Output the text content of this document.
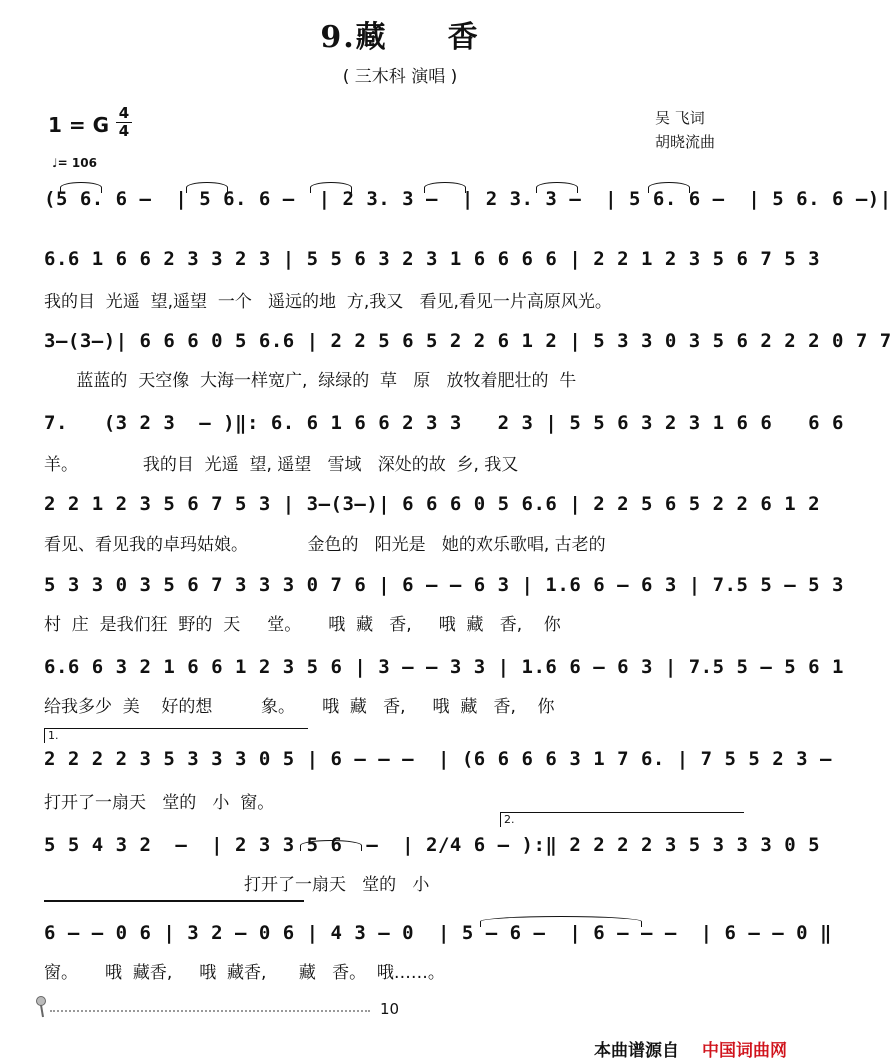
9.藏 香
( 三木科 演唱 )
1 = G 4
4
♩= 106
吴 飞词
胡晓流曲
(5 6. 6 –  | 5 6. 6 –  | 2 3. 3 –  | 2 3. 3 –  | 5 6. 6 –  | 5 6. 6 –)|
6.6 1 6 6 2 3 3 2 3 | 5 5 6 3 2 3 1 6 6 6 6 | 2 2 1 2 3 5 6 7 5 3
我的目  光遥  望,遥望  一个   遥远的地  方,我又   看见,看见一片高原风光。
3–(3–)| 6 6 6 0 5 6.6 | 2 2 5 6 5 2 2 6 1 2 | 5 3 3 0 3 5 6 2 2 2 0 7 7
蓝蓝的  天空像  大海一样宽广,  绿绿的  草   原   放牧着肥壮的  牛
7.   (3 2 3  – )‖: 6. 6 1 6 6 2 3 3   2 3 | 5 5 6 3 2 3 1 6 6   6 6
羊。            我的目  光遥  望, 遥望   雪域   深处的故  乡, 我又
2 2 1 2 3 5 6 7 5 3 | 3–(3–)| 6 6 6 0 5 6.6 | 2 2 5 6 5 2 2 6 1 2
看见、看见我的卓玛姑娘。           金色的   阳光是   她的欢乐歌唱, 古老的
5 3 3 0 3 5 6 7 3 3 3 0 7 6 | 6 – – 6 3 | 1.6 6 – 6 3 | 7.5 5 – 5 3
村  庄  是我们狂  野的  天     堂。     哦  藏   香,     哦  藏   香,    你
6.6 6 3 2 1 6 6 1 2 3 5 6 | 3 – – 3 3 | 1.6 6 – 6 3 | 7.5 5 – 5 6 1
给我多少  美    好的想         象。     哦  藏   香,     哦  藏   香,    你
2 2 2 2 3 5 3 3 3 0 5 | 6 – – –  | (6 6 6 6 3 1 7 6. | 7 5 5 2 3 –
打开了一扇天   堂的   小  窗。
5 5 4 3 2  –  | 2 3 3 5 6  –  | 2/4 6 – ):‖ 2 2 2 2 3 5 3 3 3 0 5
打开了一扇天   堂的   小
6 – – 0 6 | 3 2 – 0 6 | 4 3 – 0  | 5 – 6 –  | 6 – – –  | 6 – – 0 ‖
窗。     哦  藏香,     哦  藏香,      藏   香。  哦……。
1.
2.
10
本曲谱源自 中国词曲网
